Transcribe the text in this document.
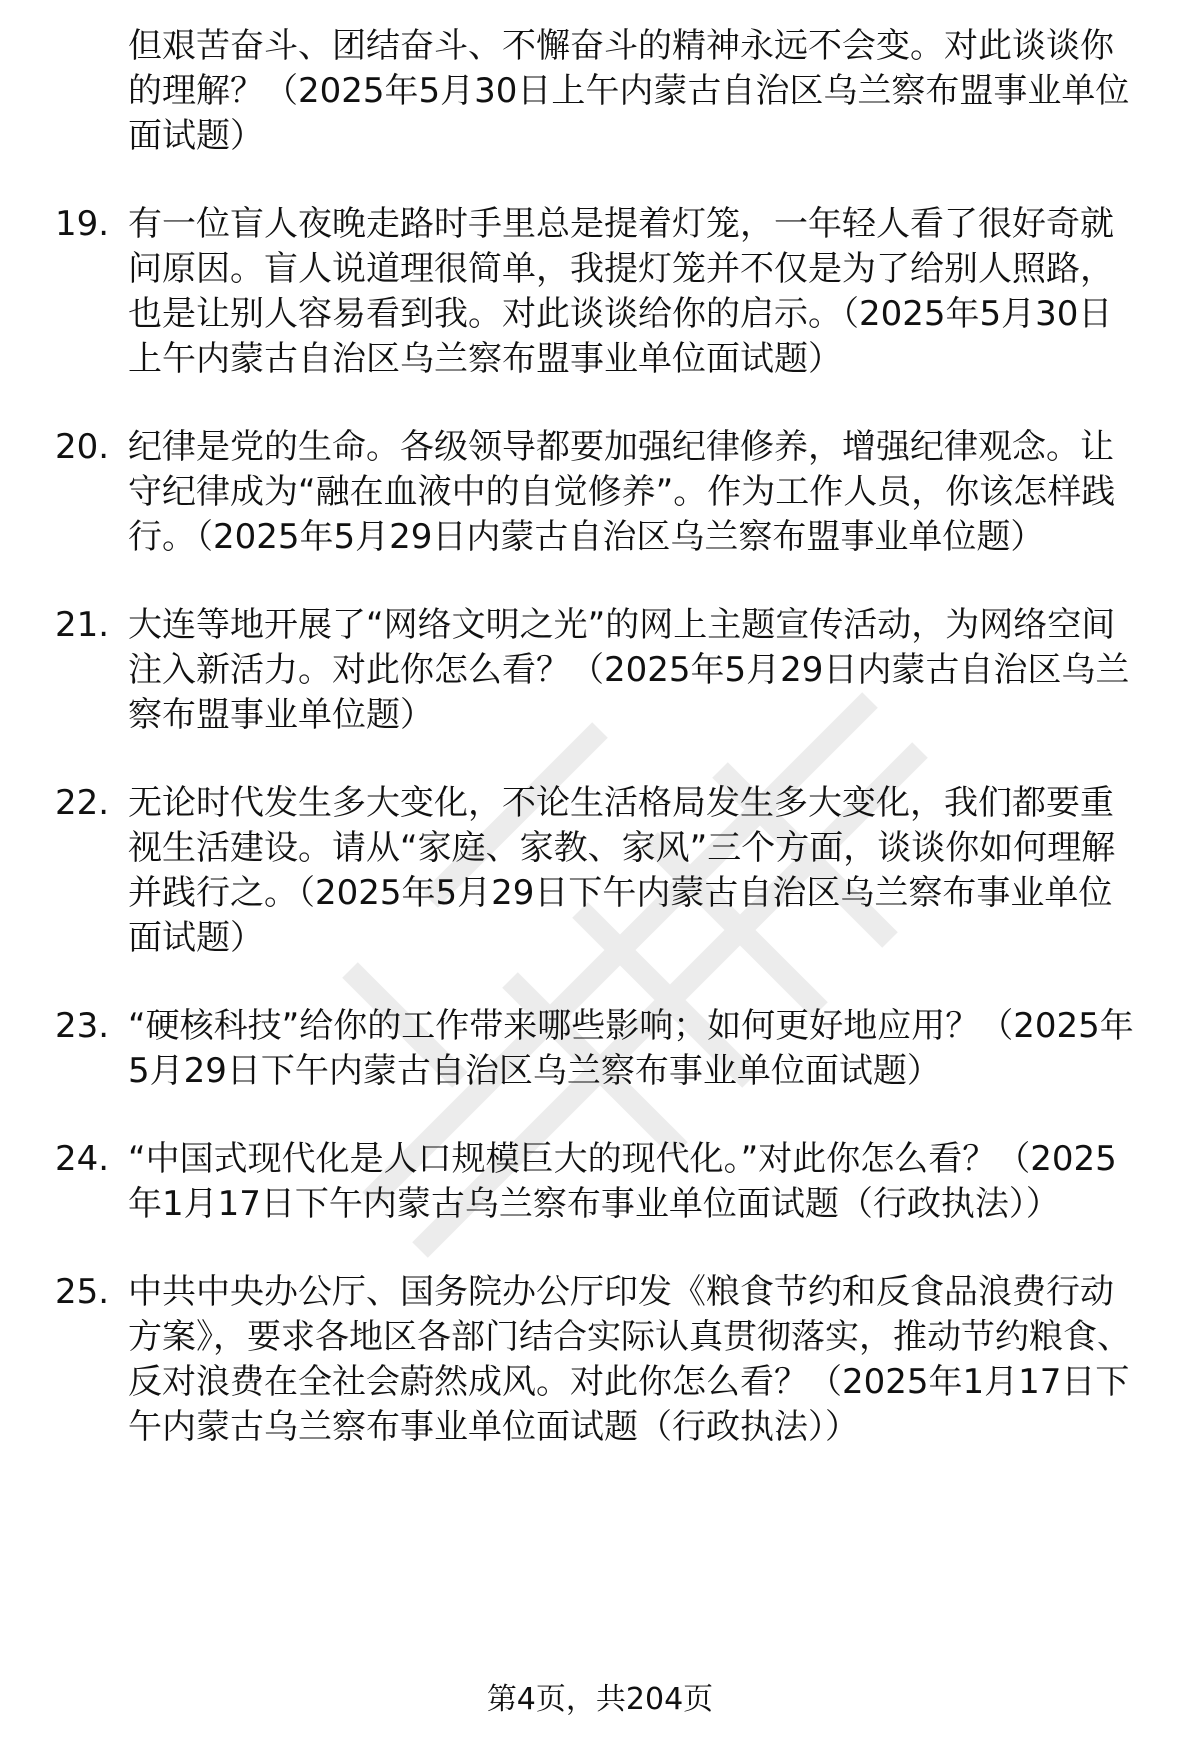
但艰苦奋斗、团结奋斗、不懈奋斗的精神永远不会变。对此谈谈你的理解？（2025年5月30日上午内蒙古自治区乌兰察布盟事业单位面试题）
19. 有一位盲人夜晚走路时手里总是提着灯笼，一年轻人看了很好奇就问原因。盲人说道理很简单，我提灯笼并不仅是为了给别人照路，也是让别人容易看到我。对此谈谈给你的启示。（2025年5月30日上午内蒙古自治区乌兰察布盟事业单位面试题）
20. 纪律是党的生命。各级领导都要加强纪律修养，增强纪律观念。让守纪律成为“融在血液中的自觉修养”。作为工作人员，你该怎样践行。（2025年5月29日内蒙古自治区乌兰察布盟事业单位题）
21. 大连等地开展了“网络文明之光”的网上主题宣传活动，为网络空间注入新活力。对此你怎么看？（2025年5月29日内蒙古自治区乌兰察布盟事业单位题）
22. 无论时代发生多大变化，不论生活格局发生多大变化，我们都要重视生活建设。请从“家庭、家教、家风”三个方面，谈谈你如何理解并践行之。（2025年5月29日下午内蒙古自治区乌兰察布事业单位面试题）
23. “硬核科技”给你的工作带来哪些影响；如何更好地应用？（2025年5月29日下午内蒙古自治区乌兰察布事业单位面试题）
24. “中国式现代化是人口规模巨大的现代化。”对此你怎么看？（2025年1月17日下午内蒙古乌兰察布事业单位面试题（行政执法））
25. 中共中央办公厅、国务院办公厅印发《粮食节约和反食品浪费行动方案》，要求各地区各部门结合实际认真贯彻落实，推动节约粮食、反对浪费在全社会蔚然成风。对此你怎么看？（2025年1月17日下午内蒙古乌兰察布事业单位面试题（行政执法））
第4页，共204页
